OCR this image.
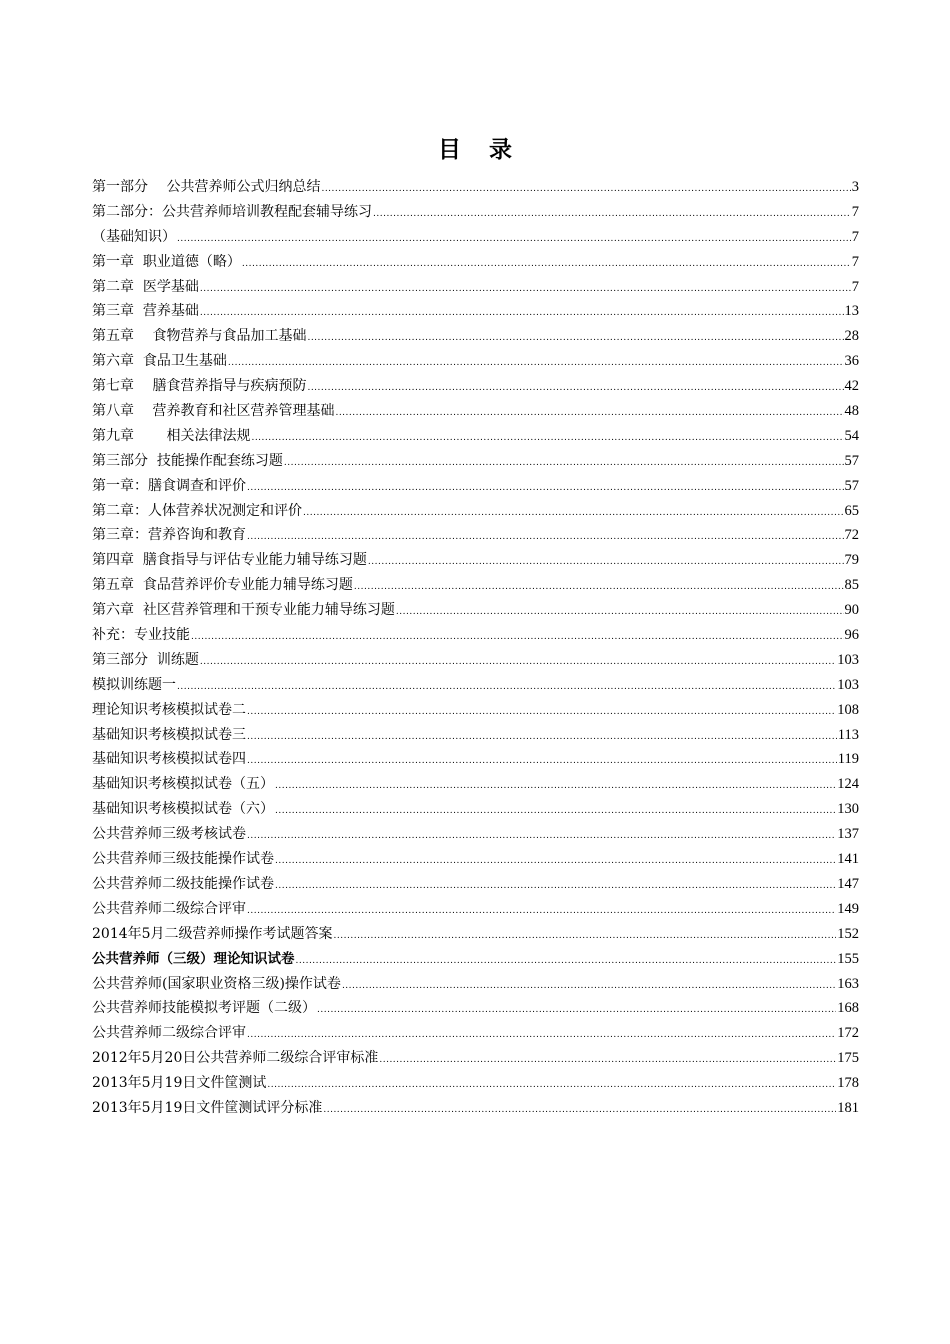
目 录
第一部分　 公共营养师公式归纳总结 .....	3
第二部分：公共营养师培训教程配套辅导练习 .....	7
（基础知识） .....	7
第一章  职业道德（略） .....	7
第二章  医学基础 .....	7
第三章  营养基础 .....	13
第五章　 食物营养与食品加工基础 .....	28
第六章  食品卫生基础 .....	36
第七章　 膳食营养指导与疾病预防 .....	42
第八章　 营养教育和社区营养管理基础 .....	48
第九章　　 相关法律法规 .....	54
第三部分  技能操作配套练习题 .....	57
第一章：膳食调查和评价 .....	57
第二章：人体营养状况测定和评价 .....	65
第三章：营养咨询和教育 .....	72
第四章  膳食指导与评估专业能力辅导练习题 .....	79
第五章  食品营养评价专业能力辅导练习题 .....	85
第六章  社区营养管理和干预专业能力辅导练习题 .....	90
补充：专业技能 .....	96
第三部分  训练题 .....	103
模拟训练题一 .....	103
理论知识考核模拟试卷二 .....	108
基础知识考核模拟试卷三 .....	113
基础知识考核模拟试卷四 .....	119
基础知识考核模拟试卷（五） .....	124
基础知识考核模拟试卷（六） .....	130
公共营养师三级考核试卷 .....	137
公共营养师三级技能操作试卷 .....	141
公共营养师二级技能操作试卷 .....	147
公共营养师二级综合评审 .....	149
2014年5月二级营养师操作考试题答案 .....	152
公共营养师（三级）理论知识试卷 .....	155
公共营养师(国家职业资格三级)操作试卷 .....	163
公共营养师技能模拟考评题（二级） .....	168
公共营养师二级综合评审 .....	172
2012年5月20日公共营养师二级综合评审标准 .....	175
2013年5月19日文件筐测试 .....	178
2013年5月19日文件筐测试评分标准 .....	181
